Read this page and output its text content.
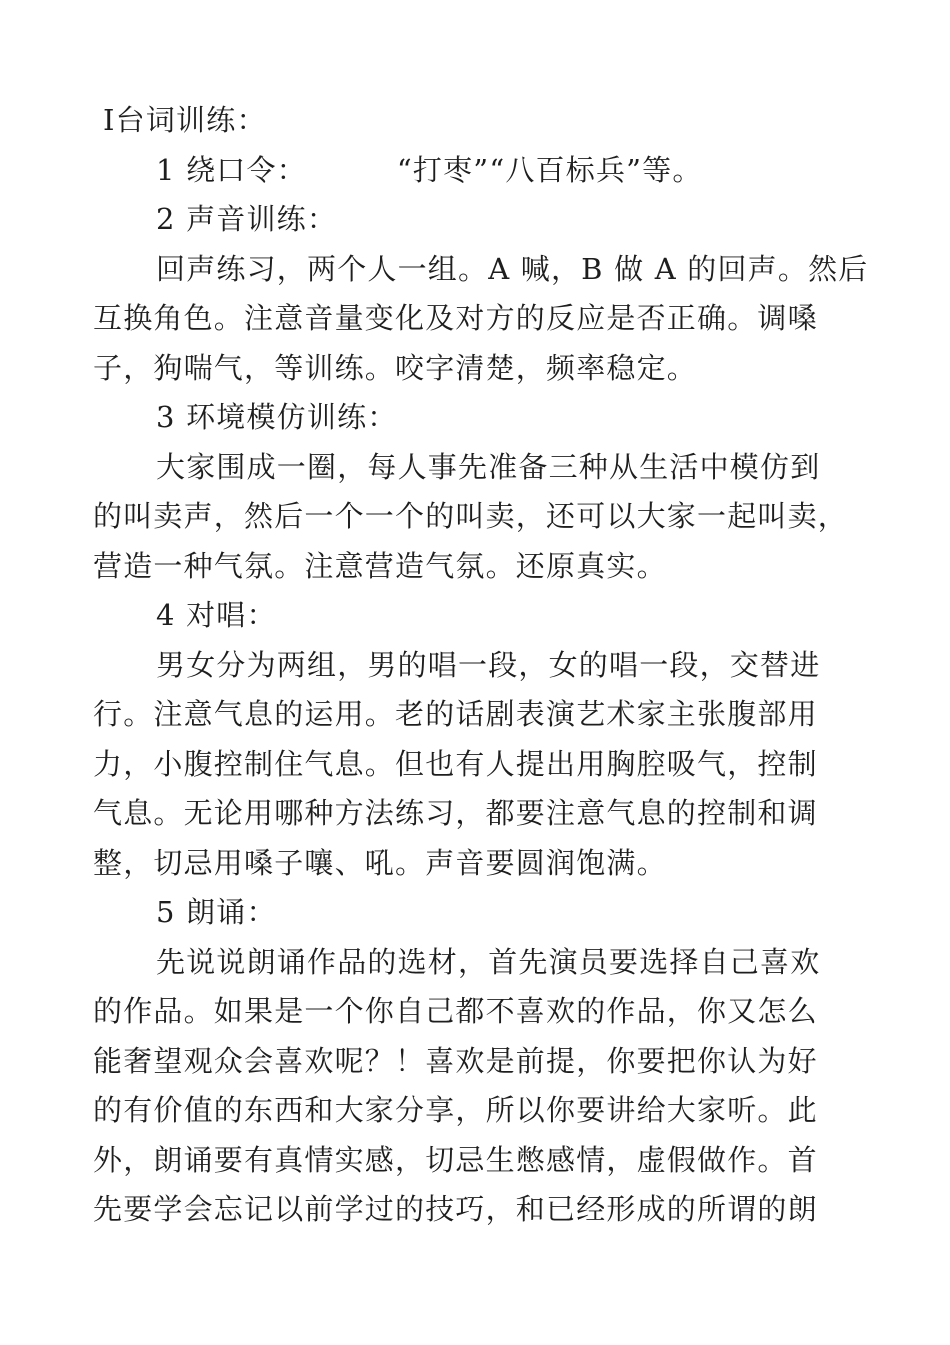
Ⅰ台词训练：
1 绕口令：	“打枣”“八百标兵”等。
2 声音训练：
回声练习，两个人一组。A 喊，B 做 A 的回声。然后
互换角色。注意音量变化及对方的反应是否正确。调嗓
子，狗喘气，等训练。咬字清楚，频率稳定。
3 环境模仿训练：
大家围成一圈，每人事先准备三种从生活中模仿到
的叫卖声，然后一个一个的叫卖，还可以大家一起叫卖，
营造一种气氛。注意营造气氛。还原真实。
4 对唱：
男女分为两组，男的唱一段，女的唱一段，交替进
行。注意气息的运用。老的话剧表演艺术家主张腹部用
力，小腹控制住气息。但也有人提出用胸腔吸气，控制
气息。无论用哪种方法练习，都要注意气息的控制和调
整，切忌用嗓子嚷、吼。声音要圆润饱满。
5 朗诵：
先说说朗诵作品的选材，首先演员要选择自己喜欢
的作品。如果是一个你自己都不喜欢的作品，你又怎么
能奢望观众会喜欢呢？！喜欢是前提，你要把你认为好
的有价值的东西和大家分享，所以你要讲给大家听。此
外，朗诵要有真情实感，切忌生憋感情，虚假做作。首
先要学会忘记以前学过的技巧，和已经形成的所谓的朗
